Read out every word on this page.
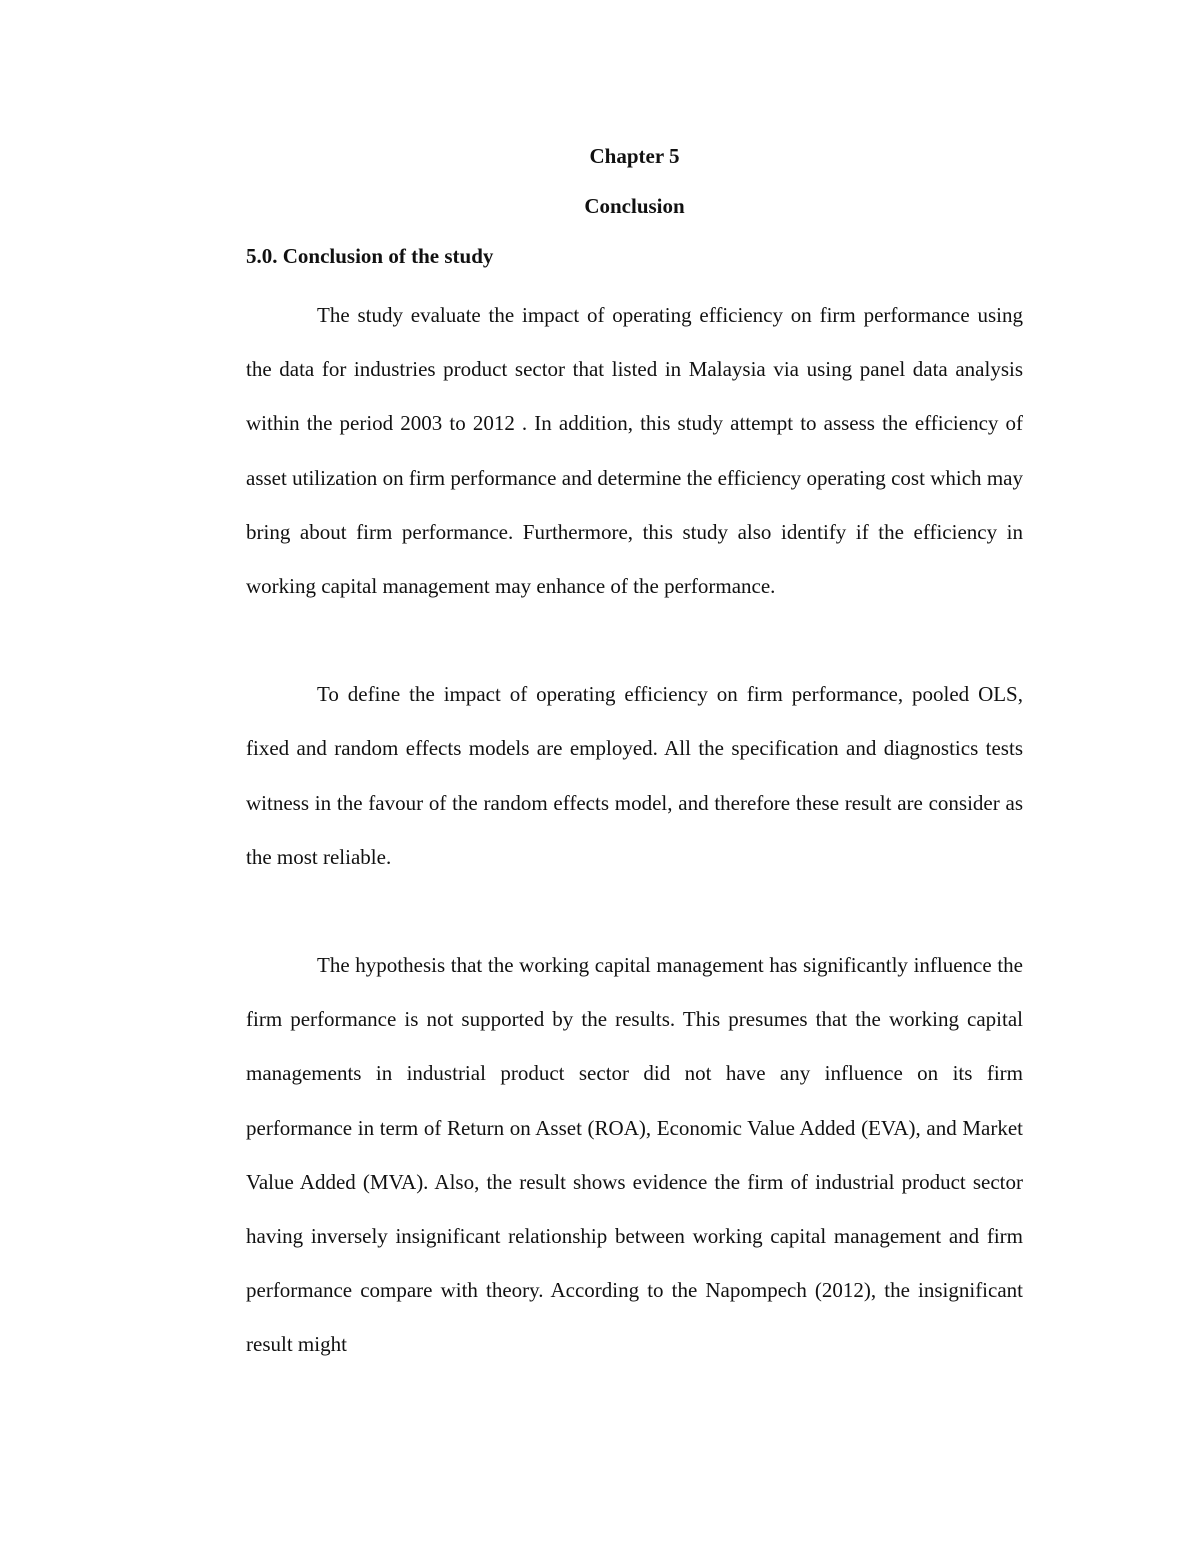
Chapter 5

Conclusion

5.0. Conclusion of the study

The study evaluate the impact of operating efficiency on firm performance using the data for industries product sector that listed in Malaysia via using panel data analysis within the period 2003 to 2012 . In addition, this study attempt to assess the efficiency of asset utilization on firm performance and determine the efficiency operating cost which may bring about firm performance. Furthermore, this study also identify if the efficiency in working capital management may enhance of the performance.

To define the impact of operating efficiency on firm performance, pooled OLS, fixed and random effects models are employed. All the specification and diagnostics tests witness in the favour of the random effects model, and therefore these result are consider as the most reliable.

The hypothesis that the working capital management has significantly influence the firm performance is not supported by the results. This presumes that the working capital managements in industrial product sector did not have any influence on its firm performance in term of Return on Asset (ROA), Economic Value Added (EVA), and Market Value Added (MVA). Also, the result shows evidence the firm of industrial product sector having inversely insignificant relationship between working capital management and firm performance compare with theory. According to the Napompech (2012), the insignificant result might
